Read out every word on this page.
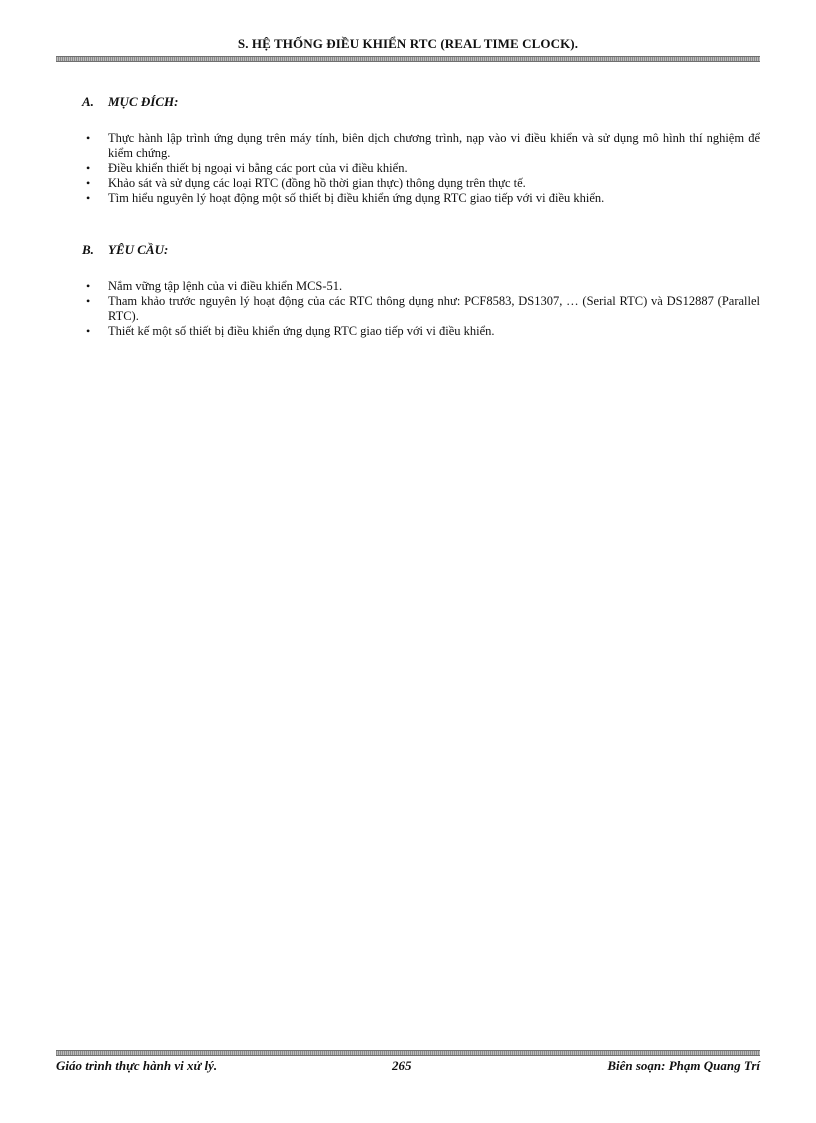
S. HỆ THỐNG ĐIỀU KHIỂN RTC (REAL TIME CLOCK).
A. MỤC ĐÍCH:
• Thực hành lập trình ứng dụng trên máy tính, biên dịch chương trình, nạp vào vi điều khiển và sử dụng mô hình thí nghiệm để kiểm chứng.
• Điều khiển thiết bị ngoại vi bằng các port của vi điều khiển.
• Khảo sát và sử dụng các loại RTC (đồng hồ thời gian thực) thông dụng trên thực tế.
• Tìm hiểu nguyên lý hoạt động một số thiết bị điều khiển ứng dụng RTC giao tiếp với vi điều khiển.
B. YÊU CẦU:
• Nắm vững tập lệnh của vi điều khiển MCS-51.
• Tham khảo trước nguyên lý hoạt động của các RTC thông dụng như: PCF8583, DS1307, … (Serial RTC) và DS12887 (Parallel RTC).
• Thiết kế một số thiết bị điều khiển ứng dụng RTC giao tiếp với vi điều khiển.
Giáo trình thực hành vi xử lý.	265	Biên soạn: Phạm Quang Trí
